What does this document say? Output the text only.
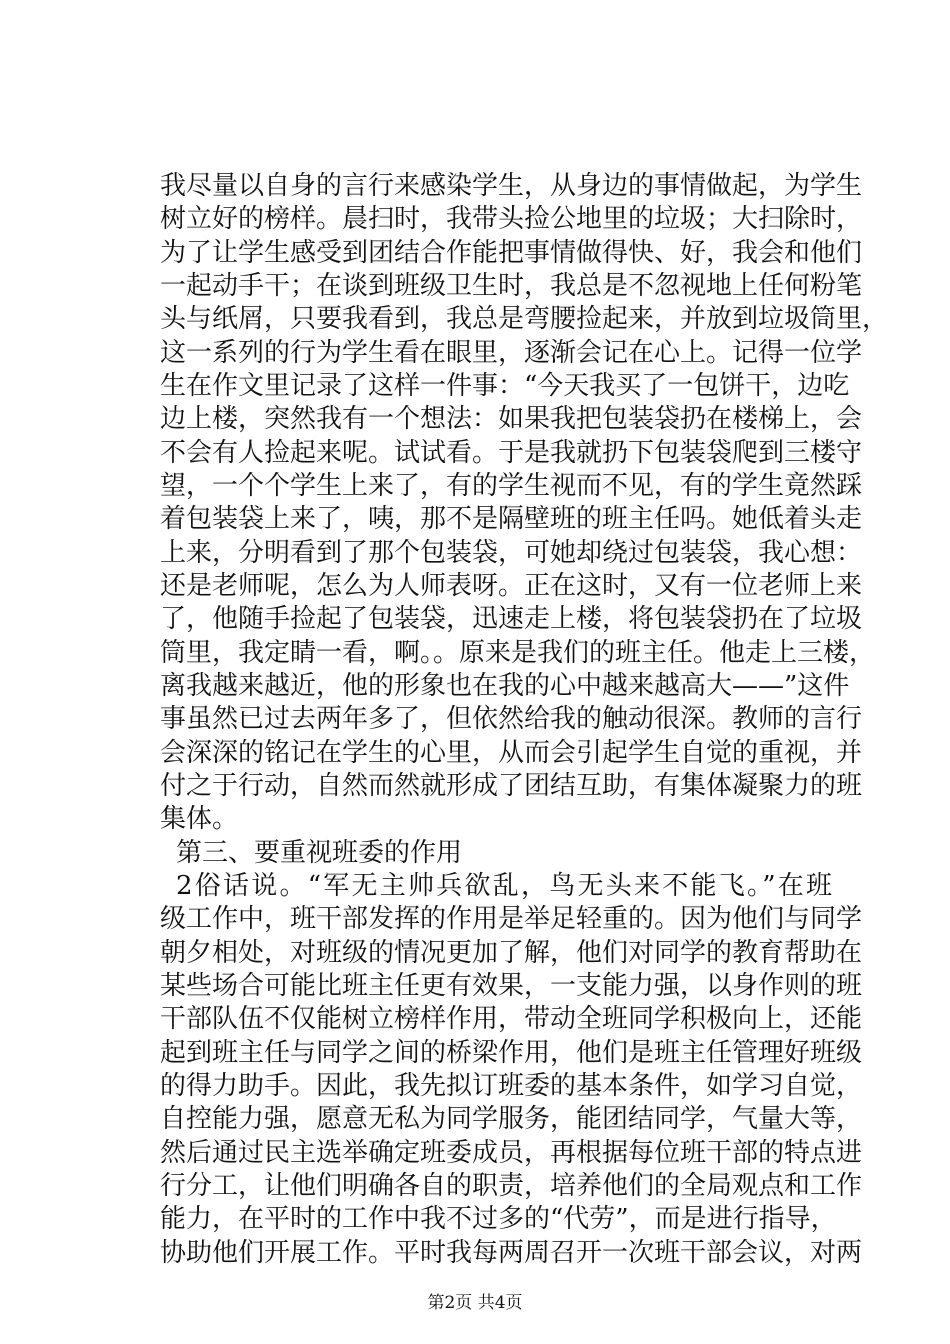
我尽量以自身的言行来感染学生，从身边的事情做起，为学生
树立好的榜样。晨扫时，我带头捡公地里的垃圾；大扫除时，
为了让学生感受到团结合作能把事情做得快、好，我会和他们
一起动手干；在谈到班级卫生时，我总是不忽视地上任何粉笔
头与纸屑，只要我看到，我总是弯腰捡起来，并放到垃圾筒里，
这一系列的行为学生看在眼里，逐渐会记在心上。记得一位学
生在作文里记录了这样一件事：“今天我买了一包饼干，边吃
边上楼，突然我有一个想法：如果我把包装袋扔在楼梯上，会
不会有人捡起来呢。试试看。于是我就扔下包装袋爬到三楼守
望，一个个学生上来了，有的学生视而不见，有的学生竟然踩
着包装袋上来了，咦，那不是隔壁班的班主任吗。她低着头走
上来，分明看到了那个包装袋，可她却绕过包装袋，我心想：
还是老师呢，怎么为人师表呀。正在这时，又有一位老师上来
了，他随手捡起了包装袋，迅速走上楼，将包装袋扔在了垃圾
筒里，我定睛一看，啊。。原来是我们的班主任。他走上三楼，
离我越来越近，他的形象也在我的心中越来越高大——”这件
事虽然已过去两年多了，但依然给我的触动很深。教师的言行
会深深的铭记在学生的心里，从而会引起学生自觉的重视，并
付之于行动，自然而然就形成了团结互助，有集体凝聚力的班
集体。
第三、要重视班委的作用
2俗话说。“军无主帅兵欲乱，鸟无头来不能飞。”在班
级工作中，班干部发挥的作用是举足轻重的。因为他们与同学
朝夕相处，对班级的情况更加了解，他们对同学的教育帮助在
某些场合可能比班主任更有效果，一支能力强，以身作则的班
干部队伍不仅能树立榜样作用，带动全班同学积极向上，还能
起到班主任与同学之间的桥梁作用，他们是班主任管理好班级
的得力助手。因此，我先拟订班委的基本条件，如学习自觉，
自控能力强，愿意无私为同学服务，能团结同学，气量大等，
第2页 共4页
然后通过民主选举确定班委成员，再根据每位班干部的特点进
行分工，让他们明确各自的职责，培养他们的全局观点和工作
能力，在平时的工作中我不过多的“代劳”，而是进行指导，
协助他们开展工作。平时我每两周召开一次班干部会议，对两
